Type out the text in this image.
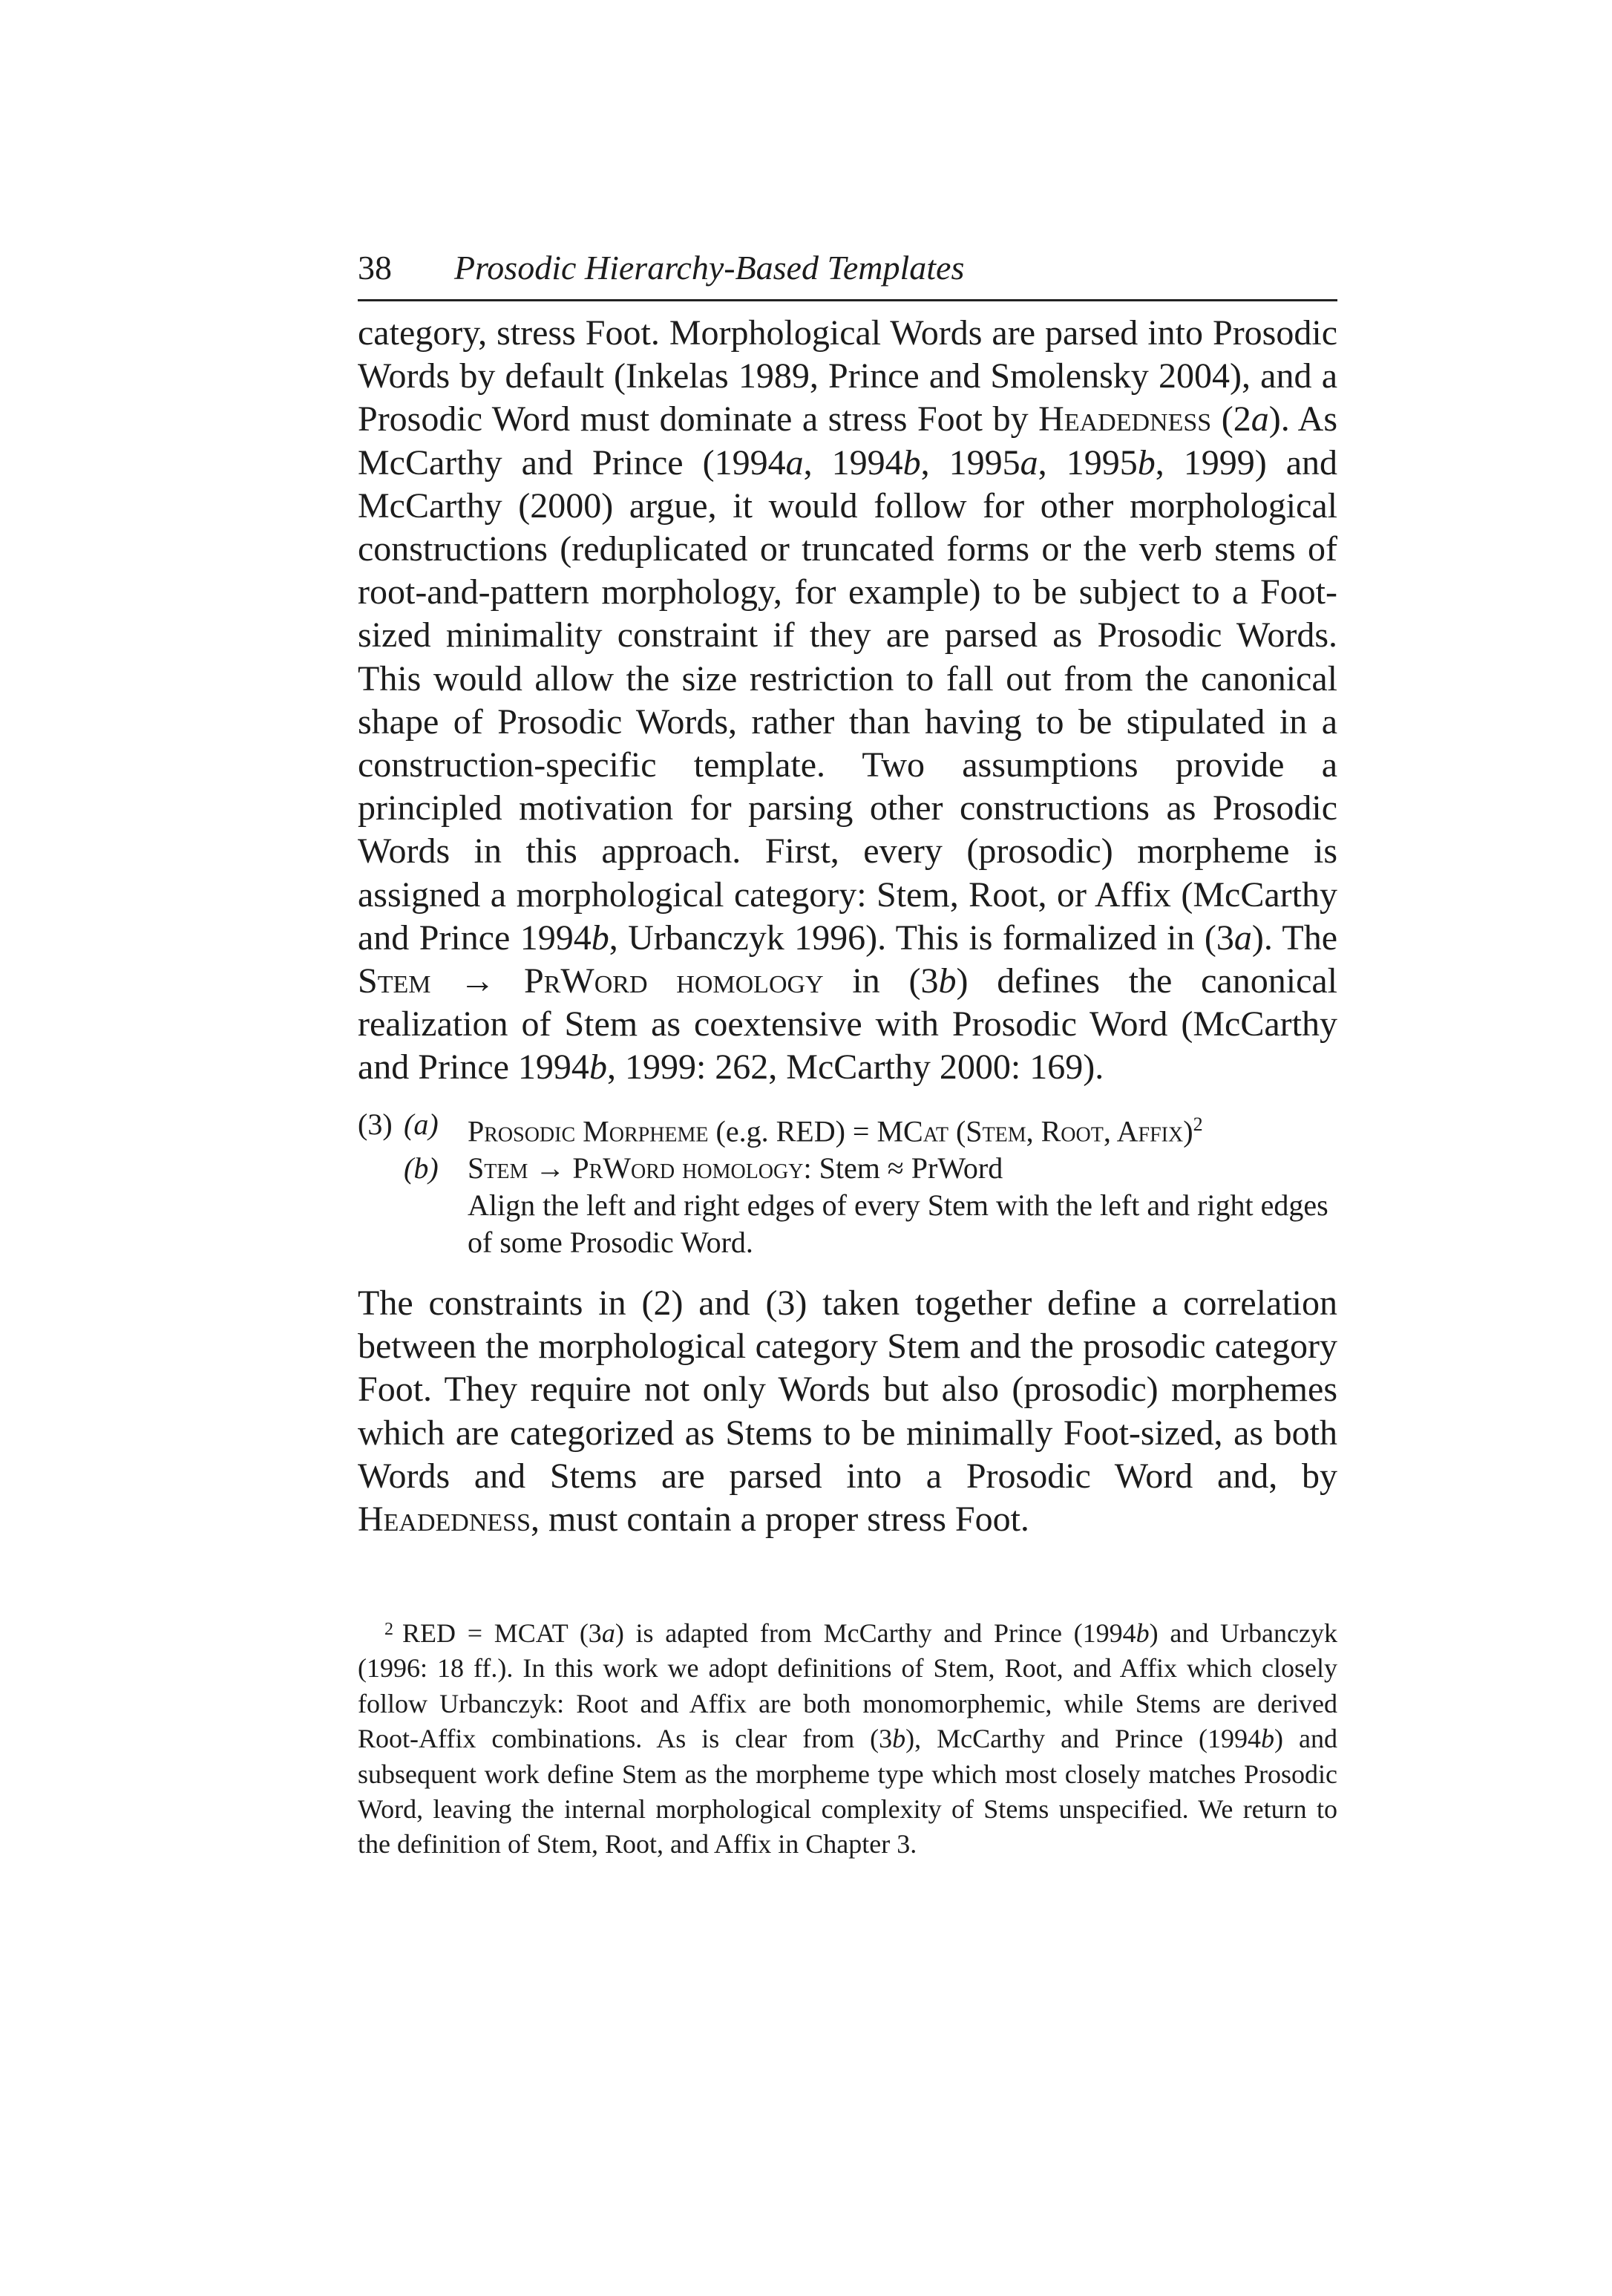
38 Prosodic Hierarchy-Based Templates

category, stress Foot. Morphological Words are parsed into Prosodic Words by default (Inkelas 1989, Prince and Smolensky 2004), and a Prosodic Word must dominate a stress Foot by Headedness (2a). As McCarthy and Prince (1994a, 1994b, 1995a, 1995b, 1999) and McCarthy (2000) argue, it would follow for other morphological constructions (reduplicated or truncated forms or the verb stems of root-and-pattern morphology, for example) to be subject to a Foot-sized minimality constraint if they are parsed as Prosodic Words. This would allow the size restriction to fall out from the canonical shape of Prosodic Words, rather than having to be stipulated in a construction-specific template. Two assumptions provide a principled motivation for parsing other constructions as Prosodic Words in this approach. First, every (prosodic) morpheme is assigned a morphological category: Stem, Root, or Affix (McCarthy and Prince 1994b, Urbanczyk 1996). This is formalized in (3a). The Stem → PrWord homology in (3b) defines the canonical realization of Stem as coextensive with Prosodic Word (McCarthy and Prince 1994b, 1999: 262, McCarthy 2000: 169).

(3) (a) Prosodic Morpheme (e.g. RED) = MCat (Stem, Root, Affix)$^2$
(b) Stem → PrWord homology: Stem ≈ PrWord
Align the left and right edges of every Stem with the left and right edges of some Prosodic Word.

The constraints in (2) and (3) taken together define a correlation between the morphological category Stem and the prosodic category Foot. They require not only Words but also (prosodic) morphemes which are categorized as Stems to be minimally Foot-sized, as both Words and Stems are parsed into a Prosodic Word and, by Headedness, must contain a proper stress Foot.

$^2$ RED = MCAT (3a) is adapted from McCarthy and Prince (1994b) and Urbanczyk (1996: 18 ff.). In this work we adopt definitions of Stem, Root, and Affix which closely follow Urbanczyk: Root and Affix are both monomorphemic, while Stems are derived Root-Affix combinations. As is clear from (3b), McCarthy and Prince (1994b) and subsequent work define Stem as the morpheme type which most closely matches Prosodic Word, leaving the internal morphological complexity of Stems unspecified. We return to the definition of Stem, Root, and Affix in Chapter 3.
